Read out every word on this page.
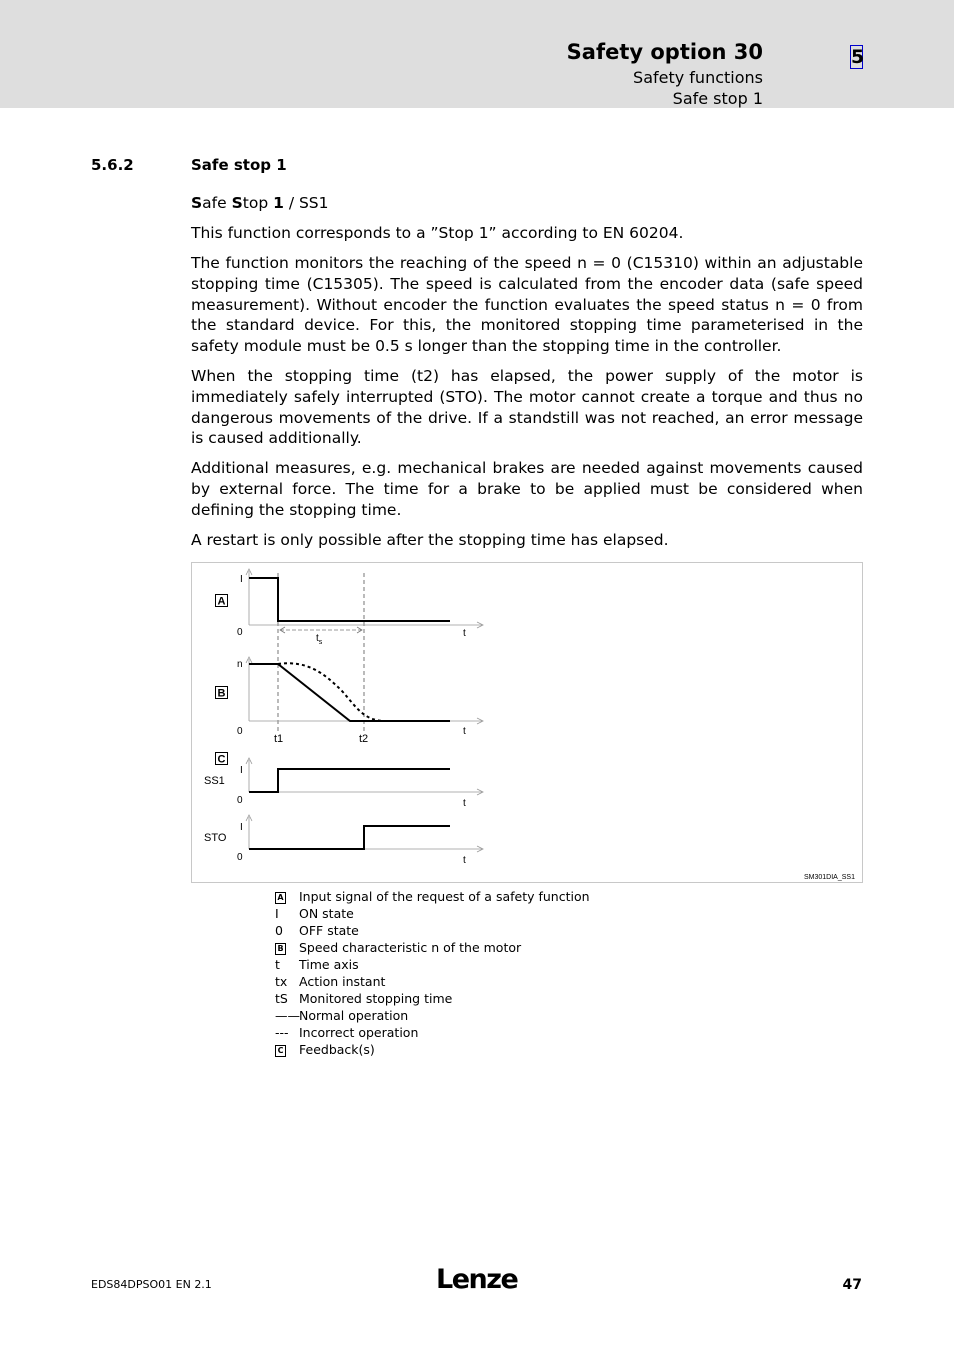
Safety option 30
Safety functions
Safe stop 1
5
5.6.2	Safe stop 1
Safe Stop 1 / SS1
This function corresponds to a ”Stop 1” according to EN 60204.
The function monitors the reaching of the speed n = 0 (C15310) within an adjustable stopping time (C15305). The speed is calculated from the encoder data (safe speed measurement). Without encoder the function evaluates the speed status n = 0 from the standard device. For this, the monitored stopping time parameterised in the safety module must be 0.5 s longer than the stopping time in the controller.
When the stopping time (t2) has elapsed, the power supply of the motor is immediately safely interrupted (STO). The motor cannot create a torque and thus no dangerous movements of the drive. If a standstill was not reached, an error message is caused additionally.
Additional measures, e.g. mechanical brakes are needed against movements caused by external force. The time for a brake to be applied must be considered when defining the stopping time.
A restart is only possible after the stopping time has elapsed.
A
B
C
I
0	t
$t_s$
n
0	t
t1	t2
I
0	t
SS1
I
0	t
STO
SM301DIA_SS1
A	Input signal of the request of a safety function
I	ON state
0	OFF state
B	Speed characteristic n of the motor
t	Time axis
tx Action instant
tS Monitored stopping time
—— Normal operation
--- Incorrect operation
C	Feedback(s)
EDS84DPSO01 EN 2.1	Lenze	47
